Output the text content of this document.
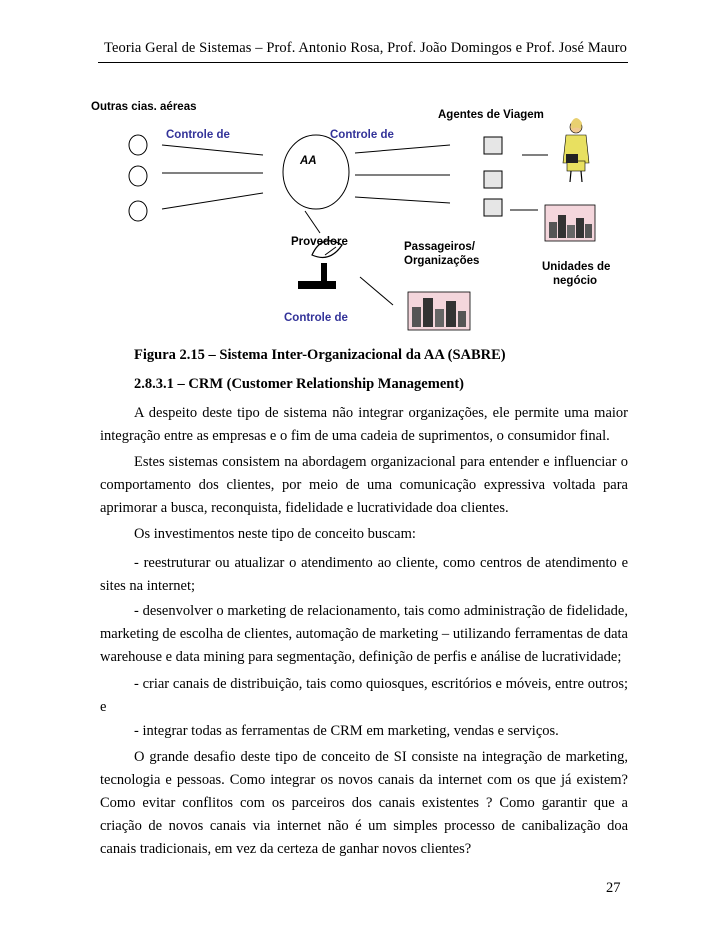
Teoria Geral de Sistemas – Prof. Antonio Rosa, Prof. João Domingos e Prof. José Mauro
Outras cias. aéreas
Controle de	Controle de
AA
Agentes de Viagem
Provedore	Passageiros/
Organizações	Unidades de
negócio
Controle de
Figura 2.15 – Sistema Inter-Organizacional da AA (SABRE)
2.8.3.1 – CRM (Customer Relationship Management)
A despeito deste tipo de sistema não integrar organizações, ele permite uma maior integração entre as empresas e o fim de uma cadeia de suprimentos, o consumidor final.
Estes sistemas consistem na abordagem organizacional para entender e influenciar o comportamento dos clientes, por meio de uma comunicação expressiva voltada para aprimorar a busca, reconquista, fidelidade e lucratividade doa clientes.
Os investimentos neste tipo de conceito buscam:
- reestruturar ou atualizar o atendimento ao cliente, como centros de atendimento e sites na internet;
- desenvolver o marketing de relacionamento, tais como administração de fidelidade, marketing de escolha de clientes, automação de marketing – utilizando ferramentas de data warehouse e data mining para segmentação, definição de perfis e análise de lucratividade;
- criar canais de distribuição, tais como quiosques, escritórios e móveis, entre outros; e
- integrar todas as ferramentas de CRM em marketing, vendas e serviços.
O grande desafio deste tipo de conceito de SI consiste na integração de marketing, tecnologia e pessoas. Como integrar os novos canais da internet com os que já existem? Como evitar conflitos com os parceiros dos canais existentes ? Como garantir que a criação de novos canais via internet não é um simples processo de canibalização doa canais tradicionais, em vez da certeza de ganhar novos clientes?
27
